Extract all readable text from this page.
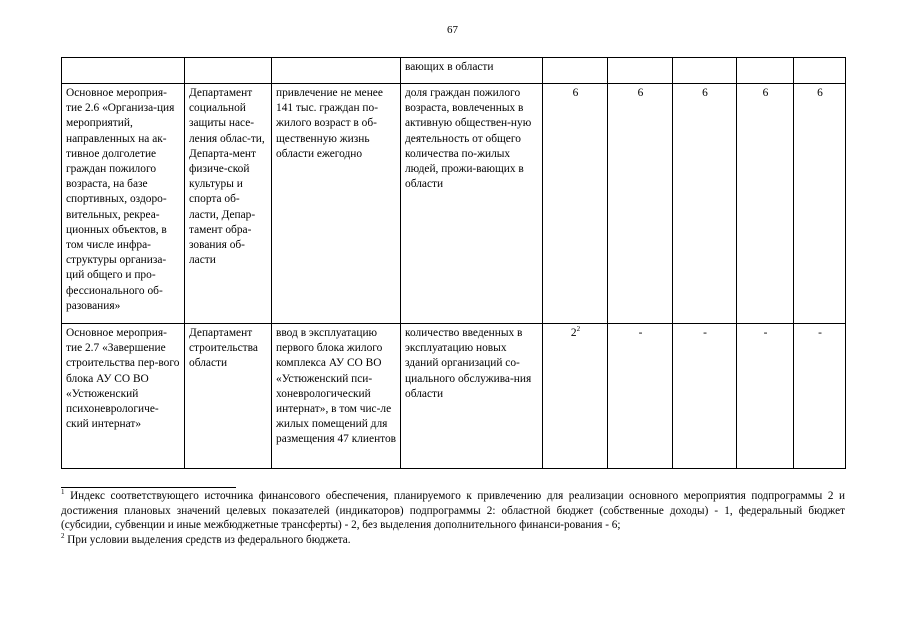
67
			вающих в области					
Основное мероприя-тие 2.6 «Организа-ция мероприятий, направленных на ак-тивное долголетие граждан пожилого возраста, на базе спортивных, оздоро-вительных, рекреа-ционных объектов, в том числе инфра-структуры организа-ций общего и про-фессионального об-разования»	Департамент социальной защиты насе-ления облас-ти, Департа-мент физиче-ской культуры и спорта об-ласти, Депар-тамент обра-зования об-ласти	привлечение не менее 141 тыс. граждан по-жилого возраст в об-щественную жизнь области ежегодно	доля граждан пожилого возраста, вовлеченных в активную обществен-ную деятельность от общего количества по-жилых людей, прожи-вающих в области	6	6	6	6	6
Основное мероприя-тие 2.7 «Завершение строительства пер-вого блока АУ СО ВО «Устюженский психоневрологиче-ский интернат»	Департамент строительства области	ввод в эксплуатацию первого блока жилого комплекса АУ СО ВО «Устюженский пси-хоневрологический интернат», в том чис-ле жилых помещений для размещения 47 клиентов	количество введенных в эксплуатацию новых зданий организаций со-циального обслужива-ния области	$2^2$	-	-	-	-

$^1$ Индекс соответствующего источника финансового обеспечения, планируемого к привлечению для реализации основного мероприятия подпрограммы 2 и достижения плановых значений целевых показателей (индикаторов) подпрограммы 2: областной бюджет (собственные доходы) - 1, федеральный бюджет (субсидии, субвенции и иные межбюджетные трансферты) - 2, без выделения дополнительного финанси-рования - 6;

$^2$ При условии выделения средств из федерального бюджета.
